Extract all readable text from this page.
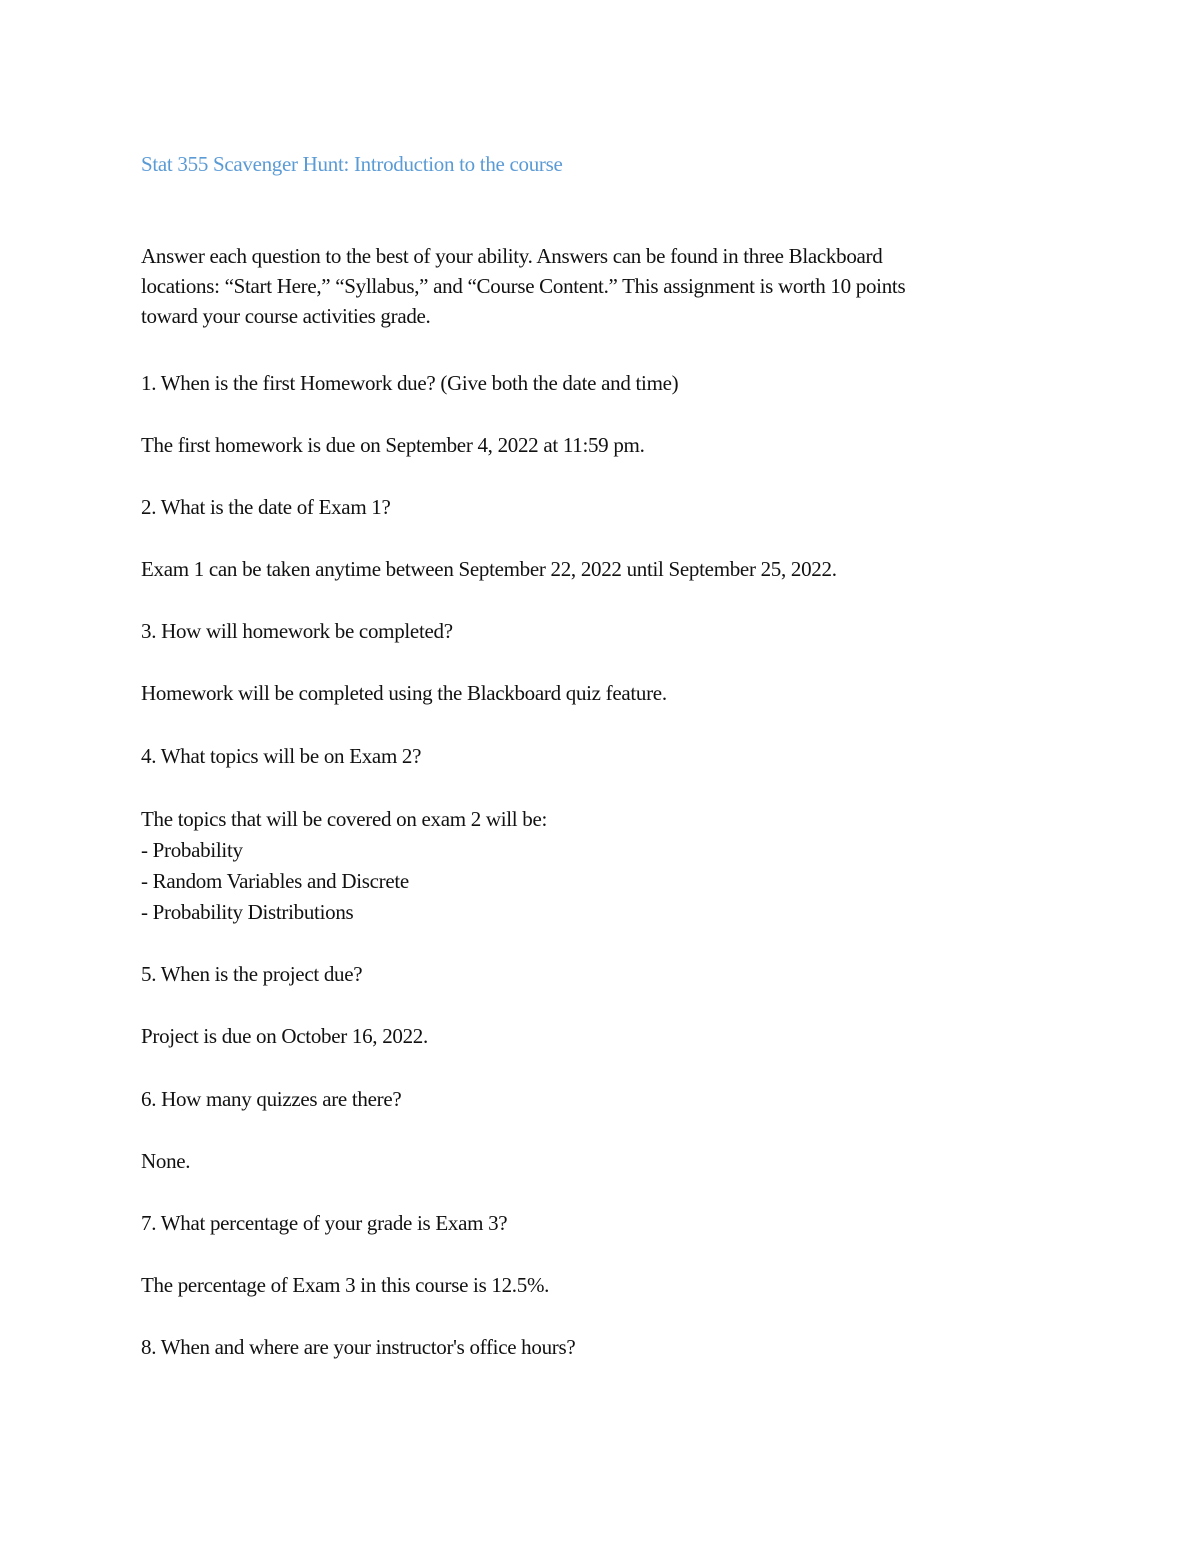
Stat 355 Scavenger Hunt: Introduction to the course
Answer each question to the best of your ability. Answers can be found in three Blackboard
locations: “Start Here,” “Syllabus,” and “Course Content.” This assignment is worth 10 points
toward your course activities grade.
1. When is the first Homework due? (Give both the date and time)
The first homework is due on September 4, 2022 at 11:59 pm.
2. What is the date of Exam 1?
Exam 1 can be taken anytime between September 22, 2022 until September 25, 2022.
3. How will homework be completed?
Homework will be completed using the Blackboard quiz feature.
4. What topics will be on Exam 2?
The topics that will be covered on exam 2 will be:
- Probability
- Random Variables and Discrete
- Probability Distributions
5. When is the project due?
Project is due on October 16, 2022.
6. How many quizzes are there?
None.
7. What percentage of your grade is Exam 3?
The percentage of Exam 3 in this course is 12.5%.
8. When and where are your instructor's office hours?
